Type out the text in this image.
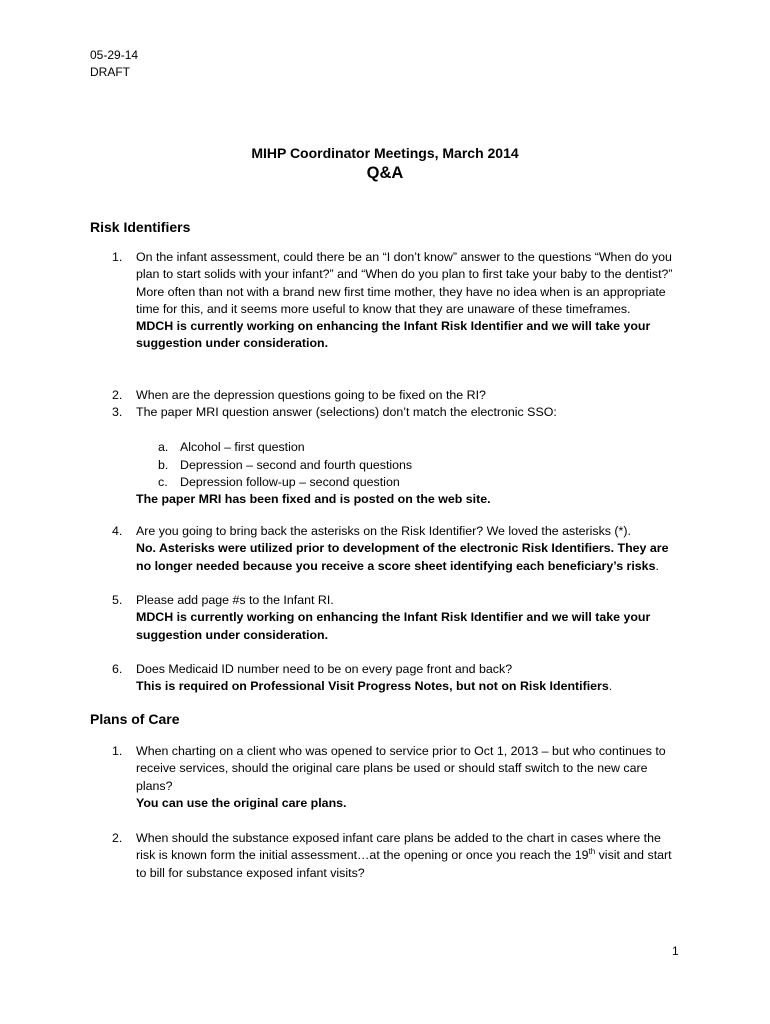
05-29-14
DRAFT
MIHP Coordinator Meetings, March 2014
Q&A
Risk Identifiers
1.	On the infant assessment, could there be an “I don’t know” answer to the questions “When do you plan to start solids with your infant?” and “When do you plan to first take your baby to the dentist?” More often than not with a brand new first time mother, they have no idea when is an appropriate time for this, and it seems more useful to know that they are unaware of these timeframes.
MDCH is currently working on enhancing the Infant Risk Identifier and we will take your suggestion under consideration.
2.	When are the depression questions going to be fixed on the RI?
3.	The paper MRI question answer (selections) don’t match the electronic SSO:
a. Alcohol – first question
b. Depression – second and fourth questions
c. Depression follow-up – second question
The paper MRI has been fixed and is posted on the web site.
4.	Are you going to bring back the asterisks on the Risk Identifier? We loved the asterisks (*).
No. Asterisks were utilized prior to development of the electronic Risk Identifiers. They are no longer needed because you receive a score sheet identifying each beneficiary’s risks.
5.	Please add page #s to the Infant RI.
MDCH is currently working on enhancing the Infant Risk Identifier and we will take your suggestion under consideration.
6.	Does Medicaid ID number need to be on every page front and back?
This is required on Professional Visit Progress Notes, but not on Risk Identifiers.
Plans of Care
1.	When charting on a client who was opened to service prior to Oct 1, 2013 – but who continues to receive services, should the original care plans be used or should staff switch to the new care plans?
You can use the original care plans.
2.	When should the substance exposed infant care plans be added to the chart in cases where the risk is known form the initial assessment…at the opening or once you reach the 19th visit and start to bill for substance exposed infant visits?
1
